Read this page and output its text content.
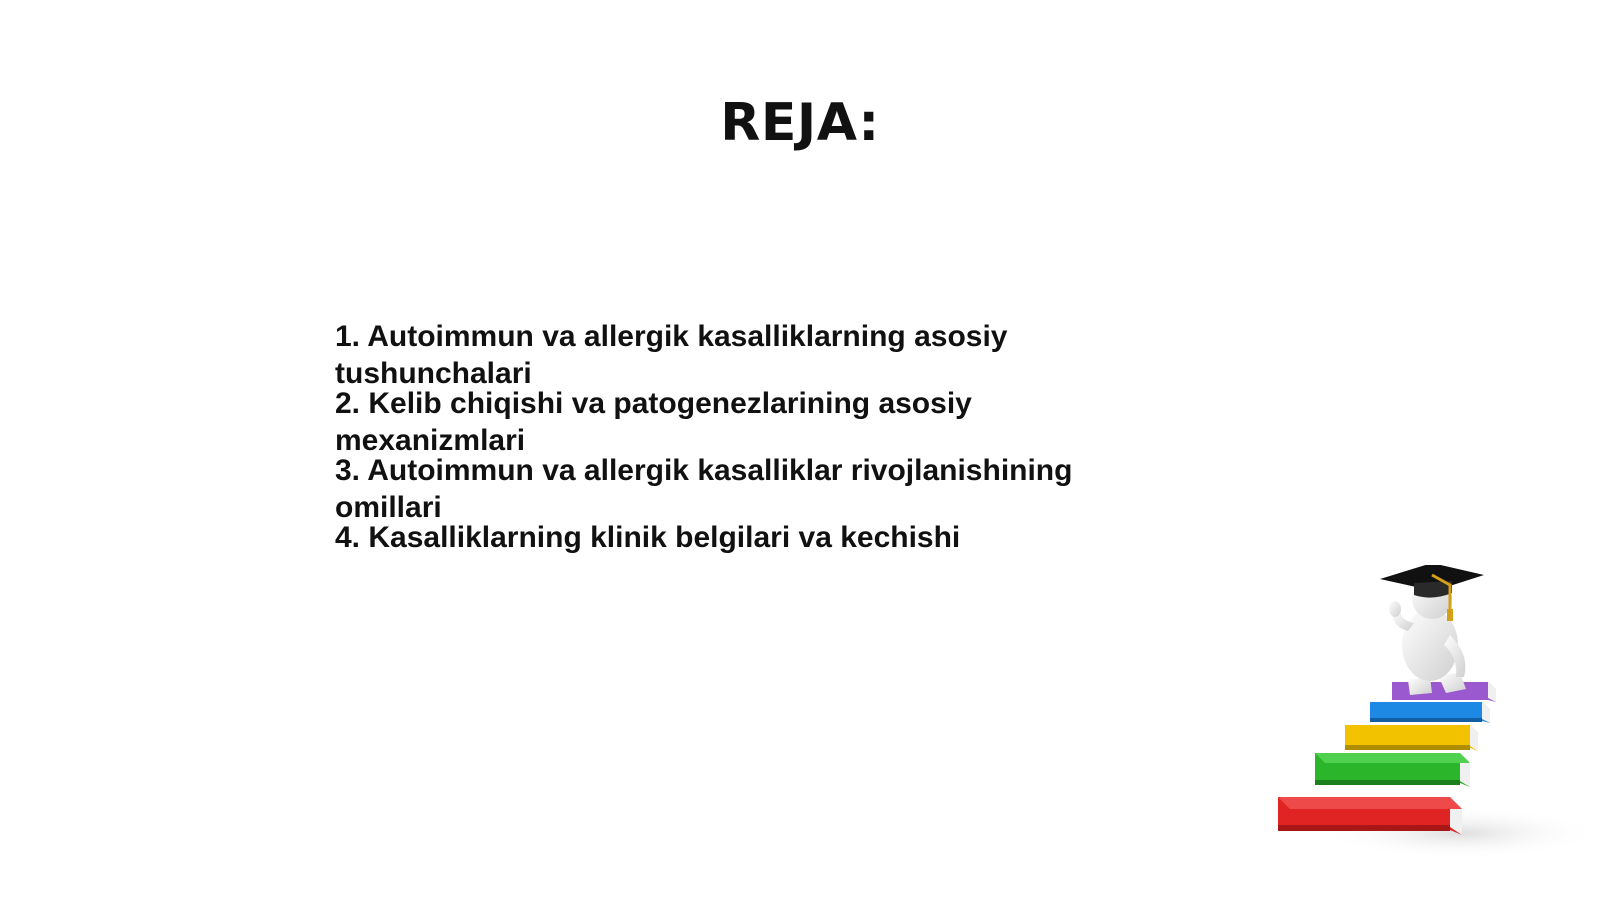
REJA:
1. Autoimmun va allergik kasalliklarning asosiy tushunchalari
2. Kelib chiqishi va patogenezlarining asosiy mexanizmlari
3. Autoimmun va allergik kasalliklar rivojlanishining omillari
4. Kasalliklarning klinik belgilari va kechishi
